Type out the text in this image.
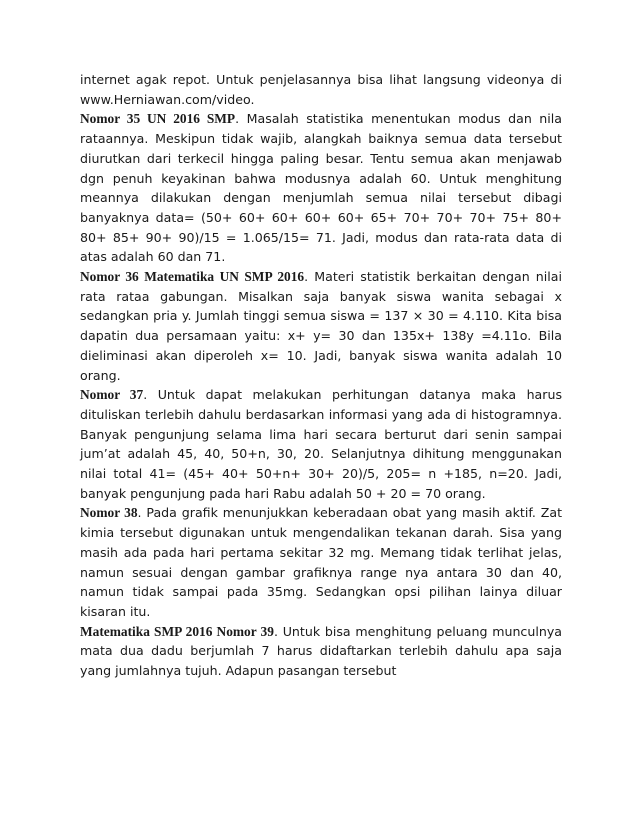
internet agak repot. Untuk penjelasannya bisa lihat langsung videonya di www.Herniawan.com/video.

Nomor 35 UN 2016 SMP. Masalah statistika menentukan modus dan nila rataannya. Meskipun tidak wajib, alangkah baiknya semua data tersebut diurutkan dari terkecil hingga paling besar. Tentu semua akan menjawab dgn penuh keyakinan bahwa modusnya adalah 60. Untuk menghitung meannya dilakukan dengan menjumlah semua nilai tersebut dibagi banyaknya data= (50+ 60+ 60+ 60+ 60+ 65+ 70+ 70+ 70+ 75+ 80+ 80+ 85+ 90+ 90)/15 = 1.065/15= 71. Jadi, modus dan rata-rata data di atas adalah 60 dan 71.

Nomor 36 Matematika UN SMP 2016. Materi statistik berkaitan dengan nilai rata rataa gabungan. Misalkan saja banyak siswa wanita sebagai x sedangkan pria y. Jumlah tinggi semua siswa = 137 × 30 = 4.110. Kita bisa dapatin dua persamaan yaitu: x+ y= 30 dan 135x+ 138y =4.11o. Bila dieliminasi akan diperoleh x= 10. Jadi, banyak siswa wanita adalah 10 orang.

Nomor 37. Untuk dapat melakukan perhitungan datanya maka harus dituliskan terlebih dahulu berdasarkan informasi yang ada di histogramnya. Banyak pengunjung selama lima hari secara berturut dari senin sampai jum’at adalah 45, 40, 50+n, 30, 20. Selanjutnya dihitung menggunakan nilai total 41= (45+ 40+ 50+n+ 30+ 20)/5, 205= n +185, n=20. Jadi, banyak pengunjung pada hari Rabu adalah 50 + 20 = 70 orang.

Nomor 38. Pada grafik menunjukkan keberadaan obat yang masih aktif. Zat kimia tersebut digunakan untuk mengendalikan tekanan darah. Sisa yang masih ada pada hari pertama sekitar 32 mg. Memang tidak terlihat jelas, namun sesuai dengan gambar grafiknya range nya antara 30 dan 40, namun tidak sampai pada 35mg. Sedangkan opsi pilihan lainya diluar kisaran itu.

Matematika SMP 2016 Nomor 39. Untuk bisa menghitung peluang munculnya mata dua dadu berjumlah 7 harus didaftarkan terlebih dahulu apa saja yang jumlahnya tujuh. Adapun pasangan tersebut
